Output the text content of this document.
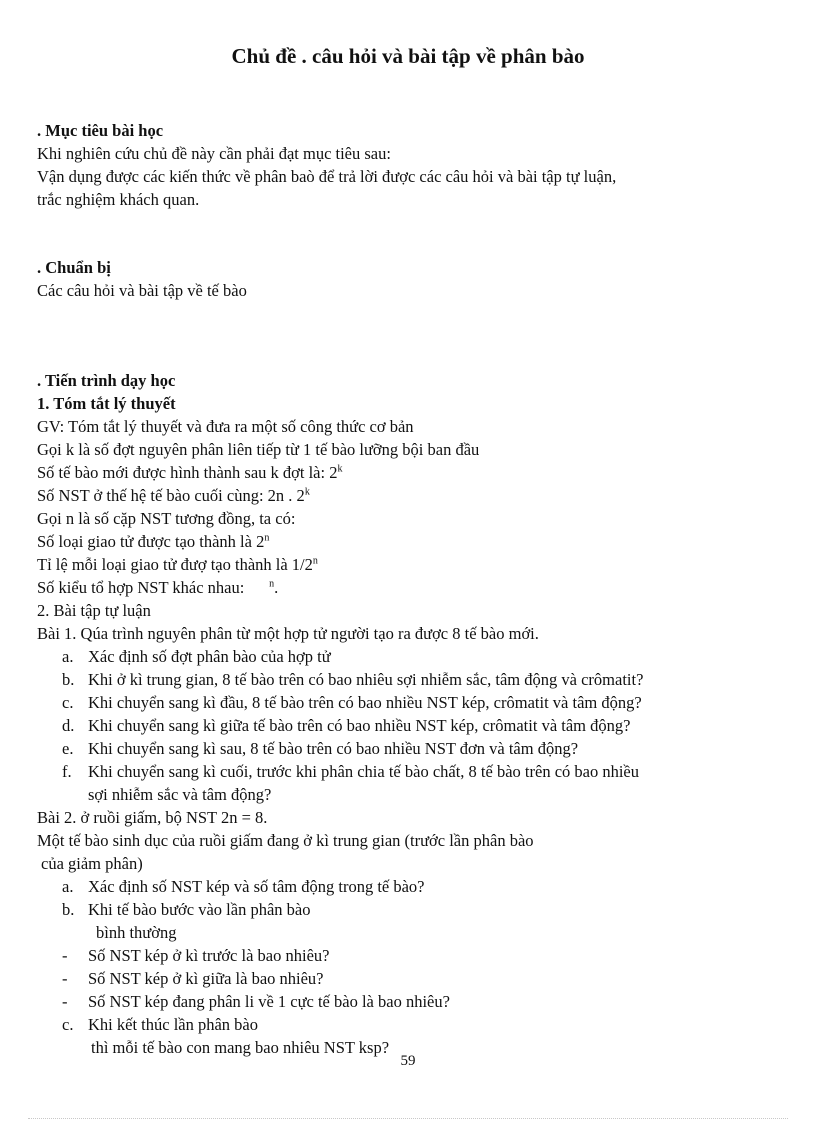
Chủ đề . câu hỏi và bài tập về phân bào
. Mục tiêu bài học
Khi nghiên cứu chủ đề này cần phải đạt mục tiêu sau:
Vận dụng được các kiến thức về phân baò để trả lời được các câu hỏi và bài tập tự luận,
trắc nghiệm khách quan.
. Chuẩn bị
Các câu hỏi và bài tập về tế bào
. Tiến trình dạy học
1. Tóm tắt lý thuyết
GV: Tóm tắt lý thuyết và đưa ra một số công thức cơ bản
Gọi k là số đợt nguyên phân liên tiếp từ 1 tế bào lưỡng bội ban đầu
Số tế bào mới được hình thành sau k đợt là: 2$^k$
Số NST ở thế hệ tế bào cuối cùng: 2n . 2$^k$
Gọi n là số cặp NST tương đồng, ta có:
Số loại giao tử được tạo thành là 2$^n$
Tỉ lệ mỗi loại giao tử đượ tạo thành là 1/2$^n$
Số kiểu tổ hợp NST khác nhau:      $^n$.
2. Bài tập tự luận
Bài 1. Qúa trình nguyên phân từ một hợp tử người tạo ra được 8 tế bào mới.
a. Xác định số đợt phân bào của hợp tử
b. Khi ở kì trung gian, 8 tế bào trên có bao nhiêu sợi nhiễm sắc, tâm động và crômatit?
c. Khi chuyển sang kì đầu, 8 tế bào trên có bao nhiều NST kép, crômatit và tâm động?
d. Khi chuyển sang kì giữa tế bào trên có bao nhiều NST kép, crômatit và tâm động?
e. Khi chuyển sang kì sau, 8 tế bào trên có bao nhiều NST đơn và tâm động?
f. Khi chuyển sang kì cuối, trước khi phân chia tế bào chất, 8 tế bào trên có bao nhiều
sợi nhiễm sắc và tâm động?
Bài 2. ở ruồi giấm, bộ NST 2n = 8.
Một tế bào sinh dục của ruồi giấm đang ở kì trung gian (trước lần phân bào
của giảm phân)
a. Xác định số NST kép và số tâm động trong tế bào?
b. Khi tế bào bước vào lần phân bào
bình thường
-	Số NST kép ở kì trước là bao nhiêu?
-	Số NST kép ở kì giữa là bao nhiêu?
-	Số NST kép đang phân li về 1 cực tế bào là bao nhiêu?
c. Khi kết thúc lần phân bào
thì mỗi tế bào con mang bao nhiêu NST ksp?
59
